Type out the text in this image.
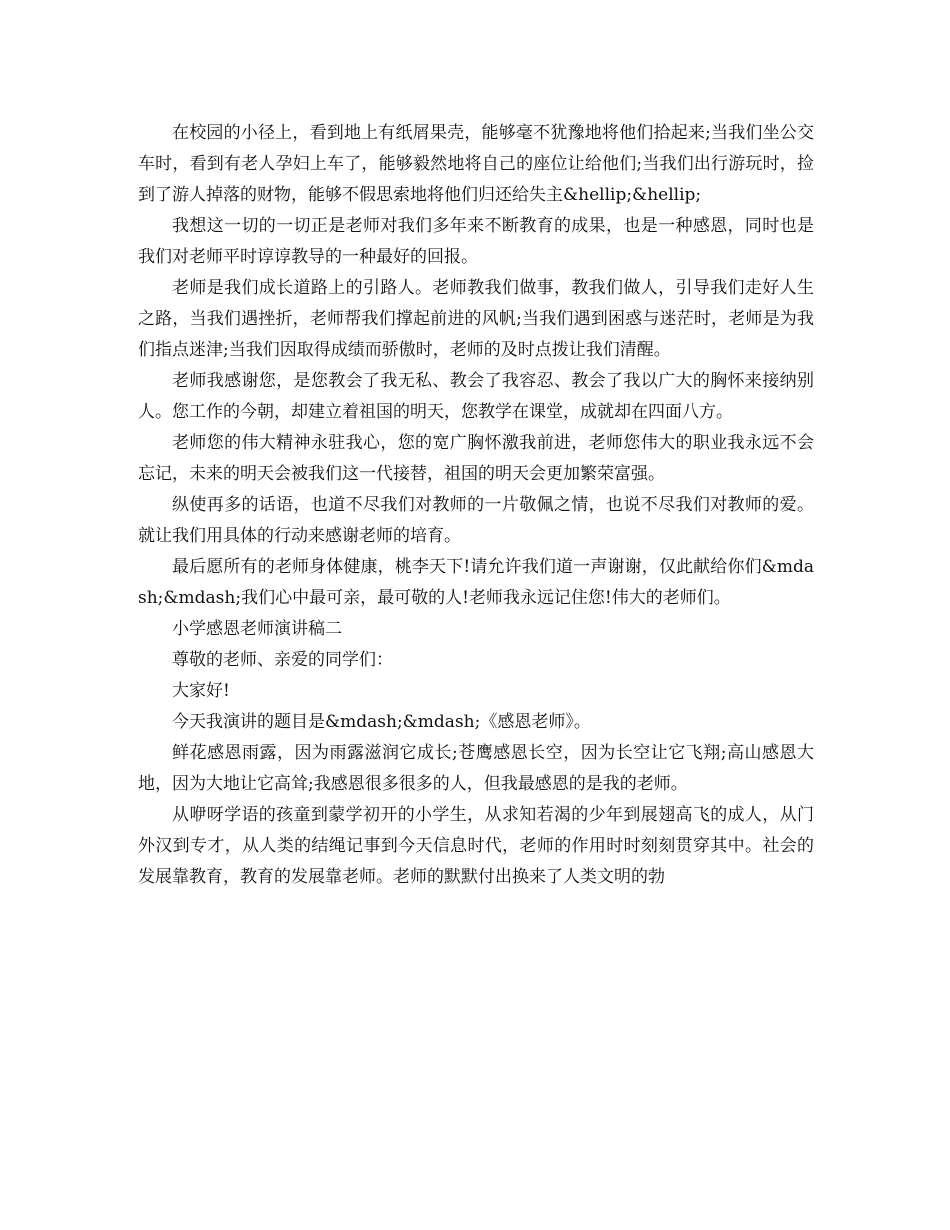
在校园的小径上，看到地上有纸屑果壳，能够毫不犹豫地将他们拾起来;当我们坐公交车时，看到有老人孕妇上车了，能够毅然地将自己的座位让给他们;当我们出行游玩时，捡到了游人掉落的财物，能够不假思索地将他们归还给失主&hellip;&hellip;

我想这一切的一切正是老师对我们多年来不断教育的成果，也是一种感恩，同时也是我们对老师平时谆谆教导的一种最好的回报。

老师是我们成长道路上的引路人。老师教我们做事，教我们做人，引导我们走好人生之路，当我们遇挫折，老师帮我们撑起前进的风帆;当我们遇到困惑与迷茫时，老师是为我们指点迷津;当我们因取得成绩而骄傲时，老师的及时点拨让我们清醒。

老师我感谢您，是您教会了我无私、教会了我容忍、教会了我以广大的胸怀来接纳别人。您工作的今朝，却建立着祖国的明天，您教学在课堂，成就却在四面八方。

老师您的伟大精神永驻我心，您的宽广胸怀激我前进，老师您伟大的职业我永远不会忘记，未来的明天会被我们这一代接替，祖国的明天会更加繁荣富强。

纵使再多的话语，也道不尽我们对教师的一片敬佩之情，也说不尽我们对教师的爱。就让我们用具体的行动来感谢老师的培育。

最后愿所有的老师身体健康，桃李天下!请允许我们道一声谢谢，仅此献给你们&mdash;&mdash;我们心中最可亲，最可敬的人!老师我永远记住您!伟大的老师们。

小学感恩老师演讲稿二

尊敬的老师、亲爱的同学们：

大家好!

今天我演讲的题目是&mdash;&mdash;《感恩老师》。

鲜花感恩雨露，因为雨露滋润它成长;苍鹰感恩长空，因为长空让它飞翔;高山感恩大地，因为大地让它高耸;我感恩很多很多的人，但我最感恩的是我的老师。

从咿呀学语的孩童到蒙学初开的小学生，从求知若渴的少年到展翅高飞的成人，从门外汉到专才，从人类的结绳记事到今天信息时代，老师的作用时时刻刻贯穿其中。社会的发展靠教育，教育的发展靠老师。老师的默默付出换来了人类文明的勃
